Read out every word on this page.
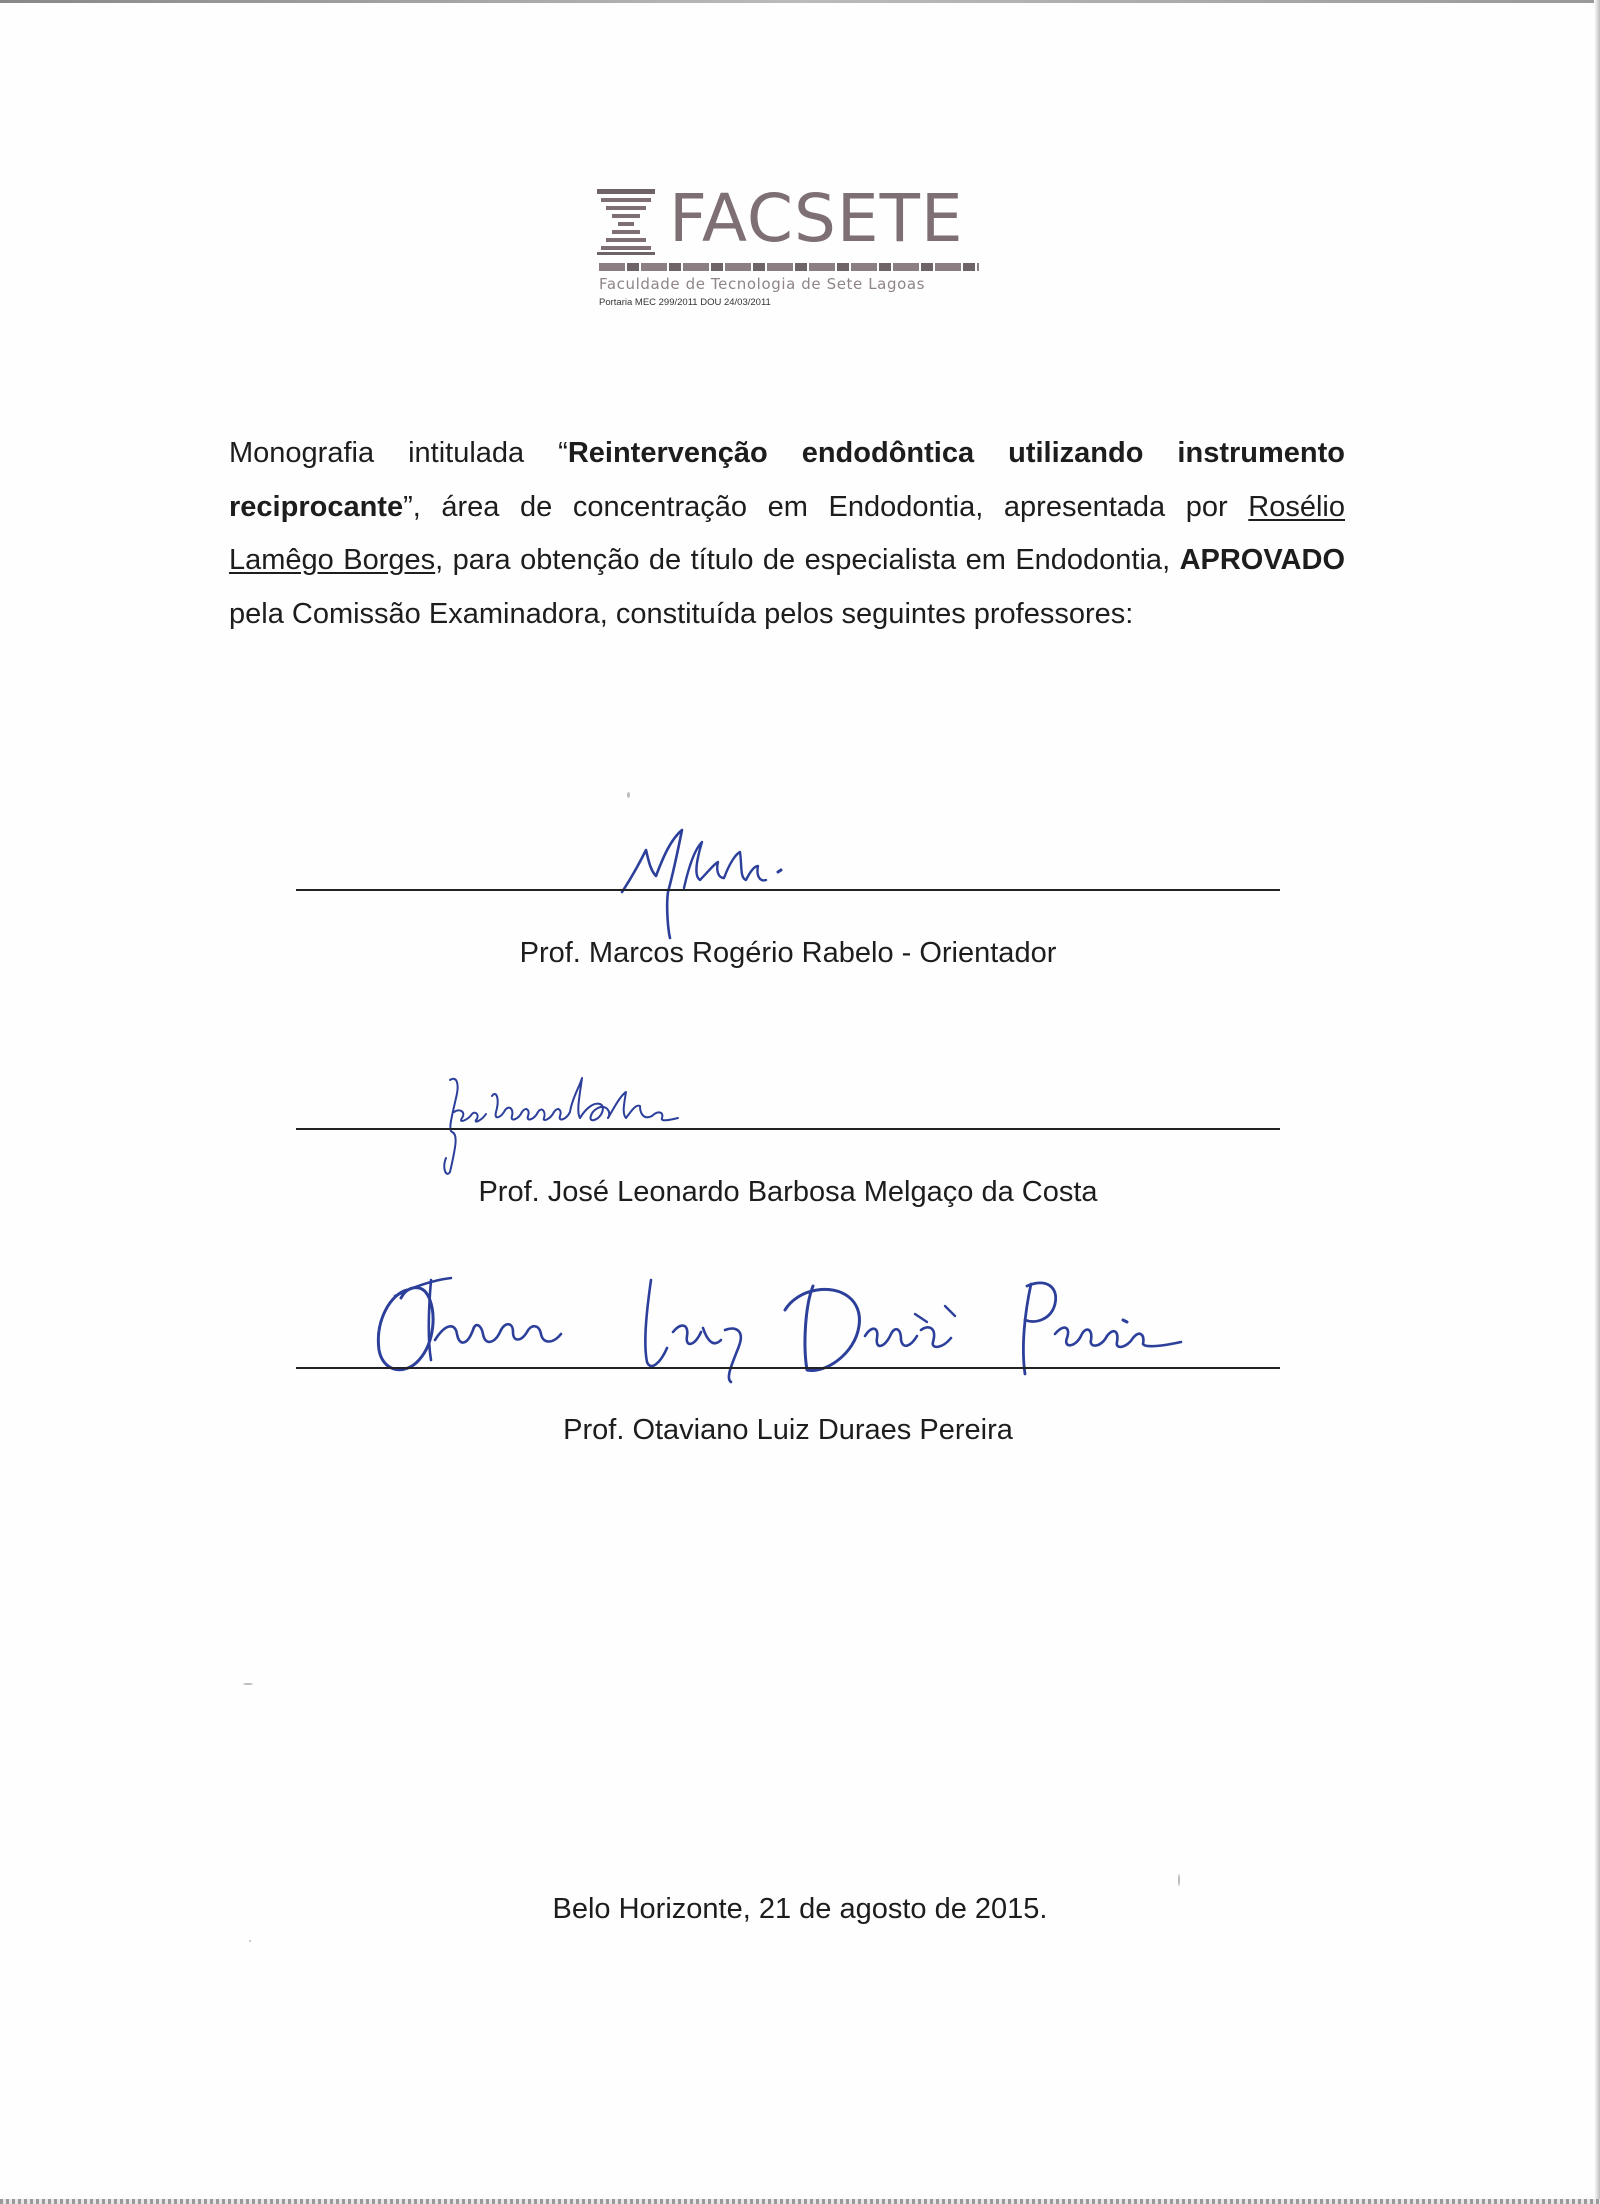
FACSETE
Faculdade de Tecnologia de Sete Lagoas
Portaria MEC 299/2011 DOU 24/03/2011

Monografia intitulada “Reintervenção endodôntica utilizando instrumento reciprocante”, área de concentração em Endodontia, apresentada por Rosélio Lamêgo Borges, para obtenção de título de especialista em Endodontia, APROVADO pela Comissão Examinadora, constituída pelos seguintes professores:

Prof. Marcos Rogério Rabelo - Orientador
Prof. José Leonardo Barbosa Melgaço da Costa
Prof. Otaviano Luiz Duraes Pereira
Belo Horizonte, 21 de agosto de 2015.
